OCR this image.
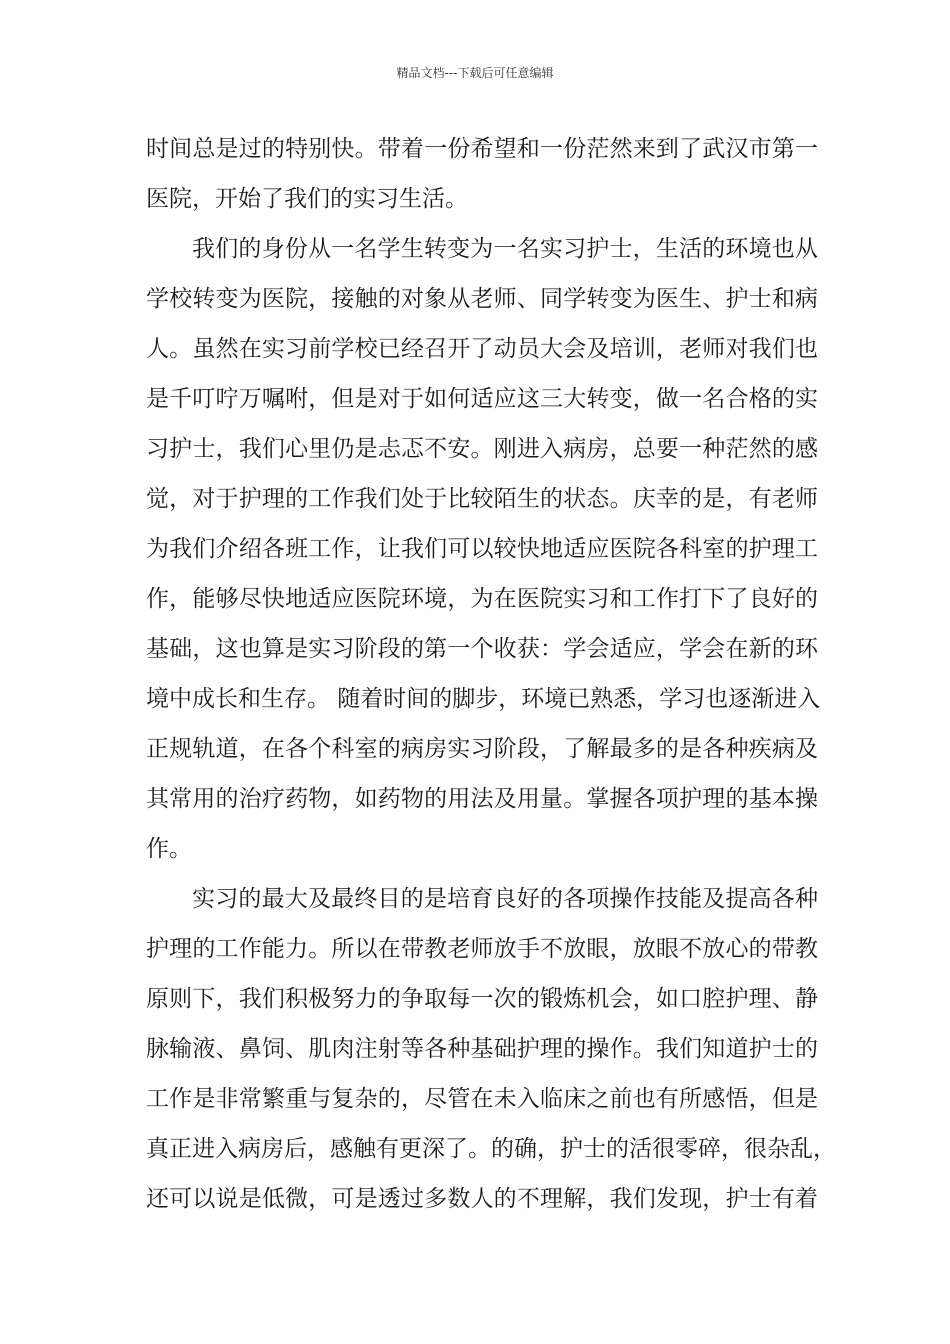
精品文档---下载后可任意编辑
时间总是过的特别快。带着一份希望和一份茫然来到了武汉市第一
医院，开始了我们的实习生活。
我们的身份从一名学生转变为一名实习护士，生活的环境也从
学校转变为医院，接触的对象从老师、同学转变为医生、护士和病
人。虽然在实习前学校已经召开了动员大会及培训，老师对我们也
是千叮咛万嘱咐，但是对于如何适应这三大转变，做一名合格的实
习护士，我们心里仍是忐忑不安。刚进入病房，总要一种茫然的感
觉，对于护理的工作我们处于比较陌生的状态。庆幸的是，有老师
为我们介绍各班工作，让我们可以较快地适应医院各科室的护理工
作，能够尽快地适应医院环境，为在医院实习和工作打下了良好的
基础，这也算是实习阶段的第一个收获：学会适应，学会在新的环
境中成长和生存。 随着时间的脚步，环境已熟悉，学习也逐渐进入
正规轨道，在各个科室的病房实习阶段，了解最多的是各种疾病及
其常用的治疗药物，如药物的用法及用量。掌握各项护理的基本操
作。
实习的最大及最终目的是培育良好的各项操作技能及提高各种
护理的工作能力。所以在带教老师放手不放眼，放眼不放心的带教
原则下，我们积极努力的争取每一次的锻炼机会，如口腔护理、静
脉输液、鼻饲、肌肉注射等各种基础护理的操作。我们知道护士的
工作是非常繁重与复杂的，尽管在未入临床之前也有所感悟，但是
真正进入病房后，感触有更深了。的确，护士的活很零碎，很杂乱，
还可以说是低微，可是透过多数人的不理解，我们发现，护士有着
